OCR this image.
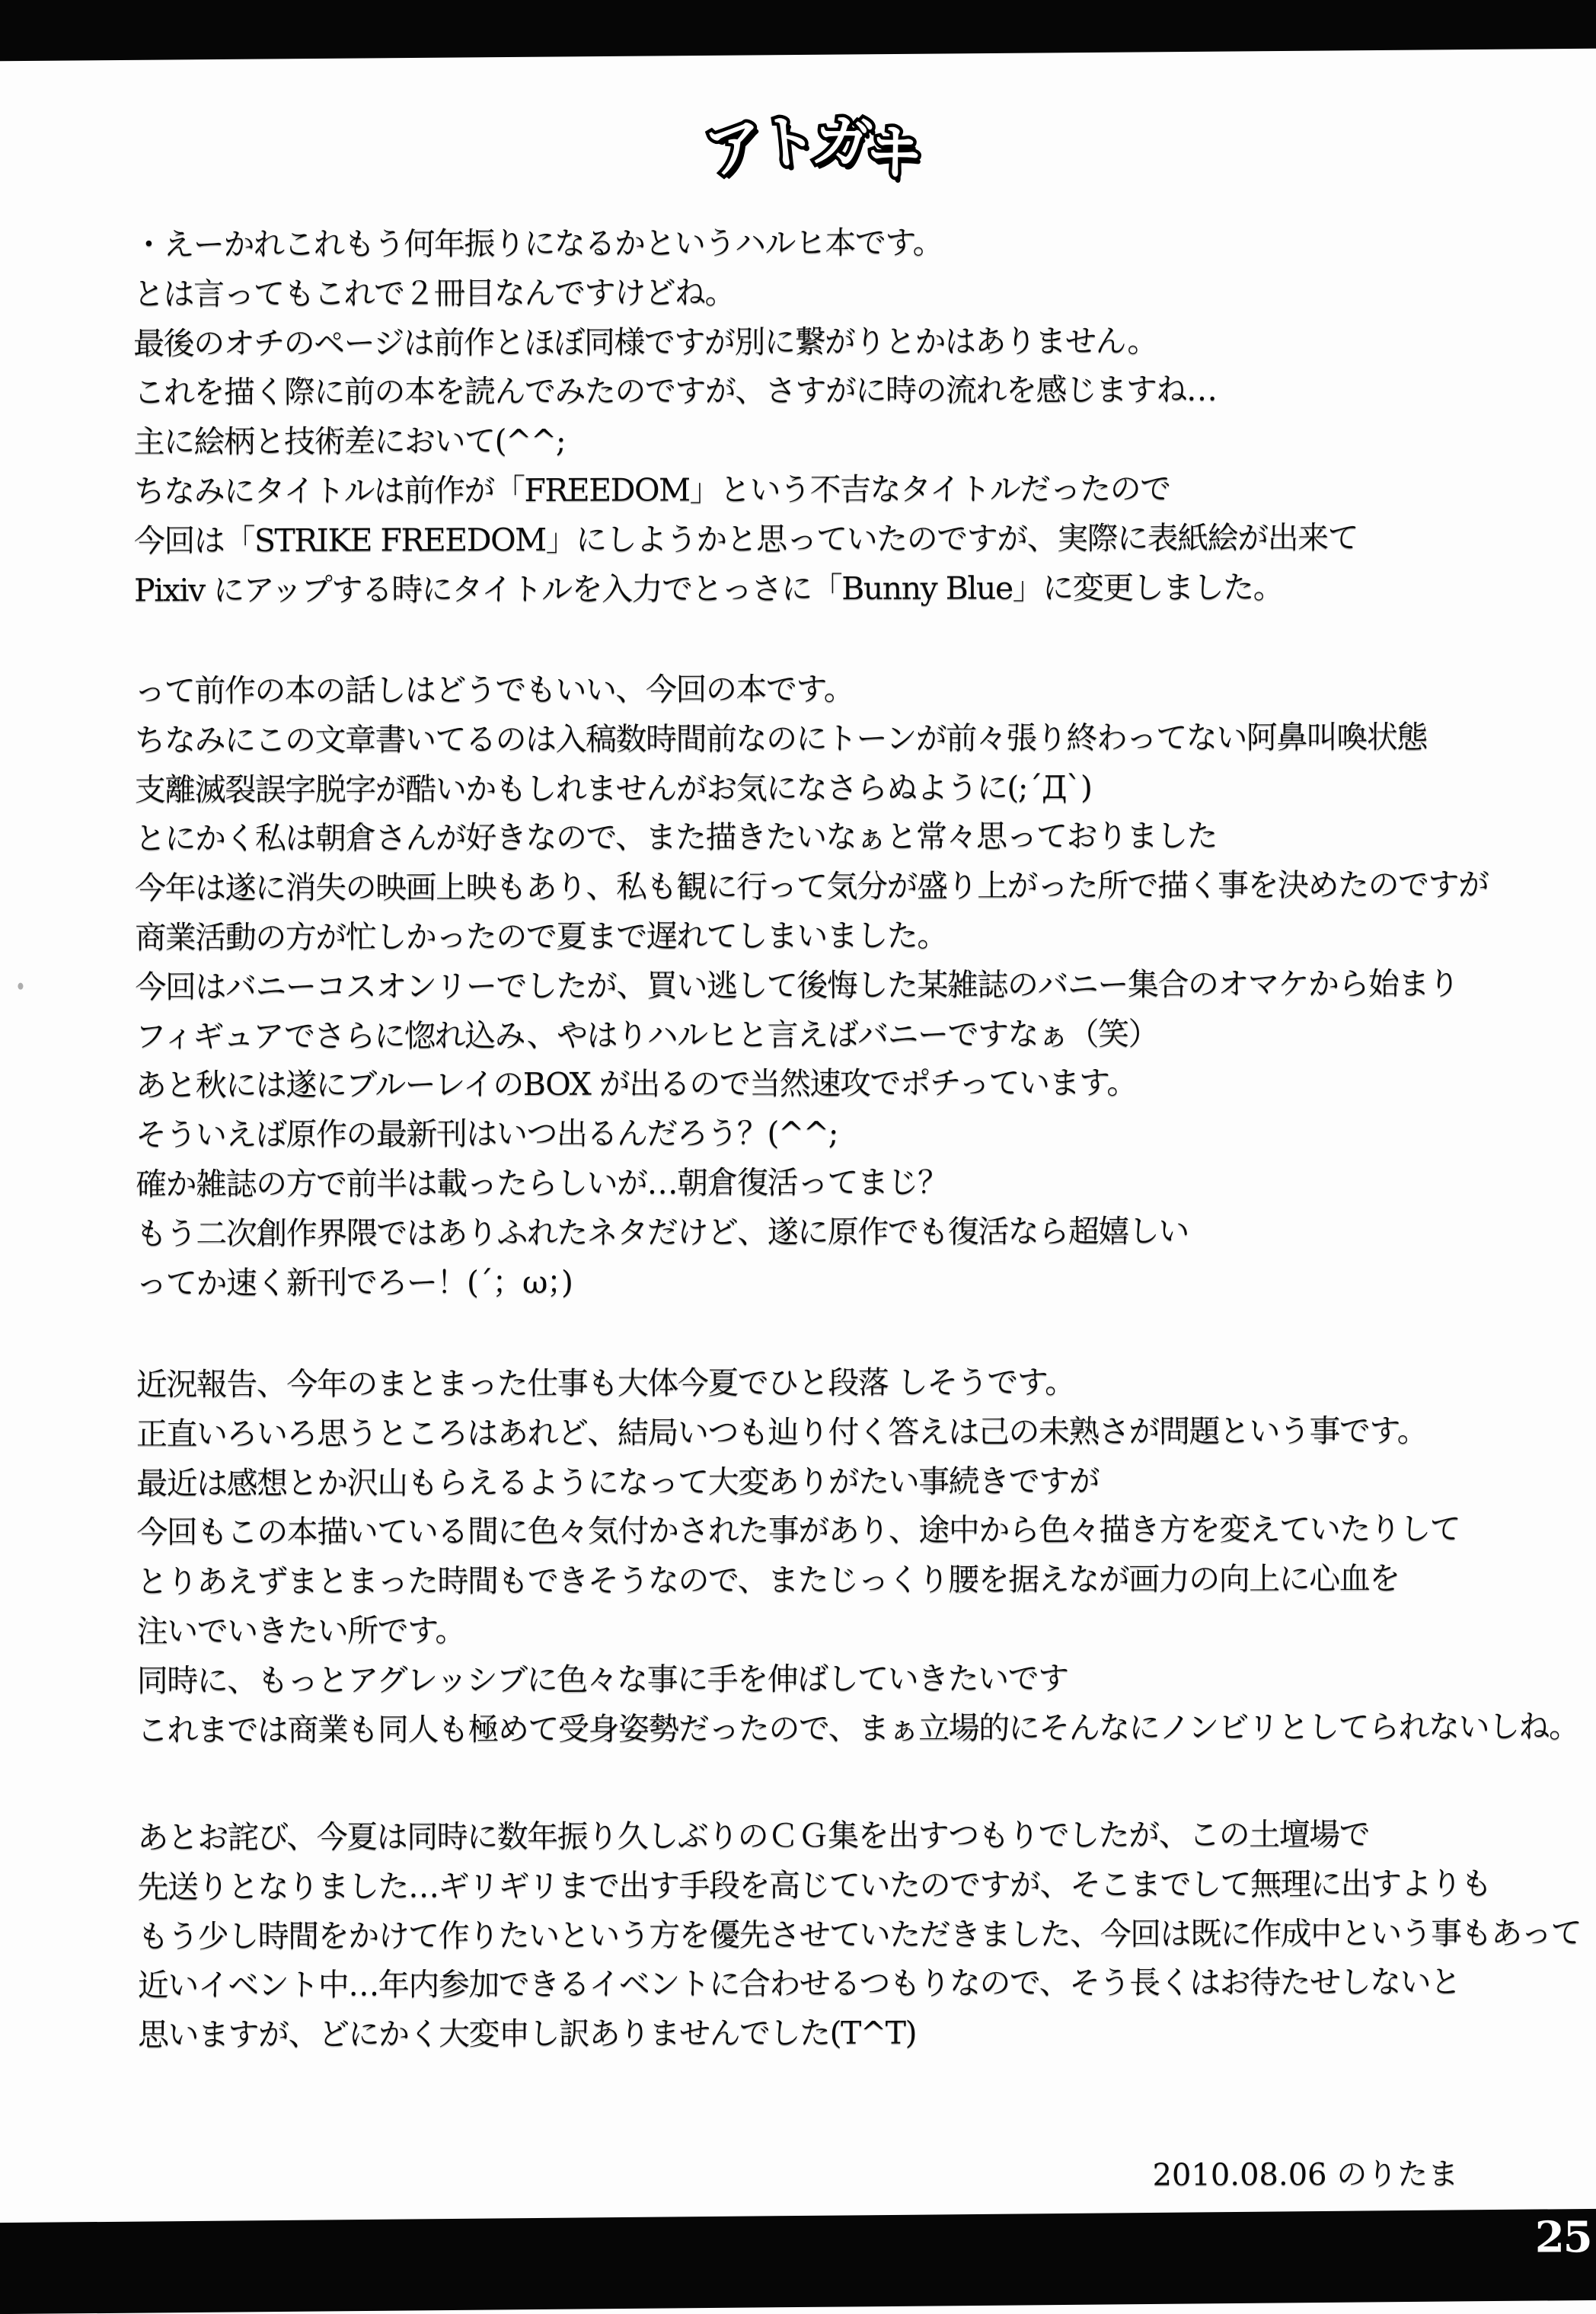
アトガキ
・えーかれこれもう何年振りになるかというハルヒ本です。
とは言ってもこれで２冊目なんですけどね。
最後のオチのページは前作とほぼ同様ですが別に繋がりとかはありません。
これを描く際に前の本を読んでみたのですが、さすがに時の流れを感じますね…
主に絵柄と技術差において(^^;
ちなみにタイトルは前作が「FREEDOM」という不吉なタイトルだったので
今回は「STRIKE FREEDOM」にしようかと思っていたのですが、実際に表紙絵が出来て
Pixiv にアップする時にタイトルを入力でとっさに「Bunny Blue」に変更しました。
って前作の本の話しはどうでもいい、今回の本です。
ちなみにこの文章書いてるのは入稿数時間前なのにトーンが前々張り終わってない阿鼻叫喚状態
支離滅裂誤字脱字が酷いかもしれませんがお気になさらぬように(;´Д`)
とにかく私は朝倉さんが好きなので、また描きたいなぁと常々思っておりました
今年は遂に消失の映画上映もあり、私も観に行って気分が盛り上がった所で描く事を決めたのですが
商業活動の方が忙しかったので夏まで遅れてしまいました。
今回はバニーコスオンリーでしたが、買い逃して後悔した某雑誌のバニー集合のオマケから始まり
フィギュアでさらに惚れ込み、やはりハルヒと言えばバニーですなぁ（笑）
あと秋には遂にブルーレイのBOX が出るので当然速攻でポチっています。
そういえば原作の最新刊はいつ出るんだろう？(^^;
確か雑誌の方で前半は載ったらしいが…朝倉復活ってまじ？
もう二次創作界隈ではありふれたネタだけど、遂に原作でも復活なら超嬉しい
ってか速く新刊でろー！(´；ω；)
近況報告、今年のまとまった仕事も大体今夏でひと段落 しそうです。
正直いろいろ思うところはあれど、結局いつも辿り付く答えは己の未熟さが問題という事です。
最近は感想とか沢山もらえるようになって大変ありがたい事続きですが
今回もこの本描いている間に色々気付かされた事があり、途中から色々描き方を変えていたりして
とりあえずまとまった時間もできそうなので、またじっくり腰を据えなが画力の向上に心血を
注いでいきたい所です。
同時に、もっとアグレッシブに色々な事に手を伸ばしていきたいです
これまでは商業も同人も極めて受身姿勢だったので、まぁ立場的にそんなにノンビリとしてられないしね。
あとお詫び、今夏は同時に数年振り久しぶりのＣＧ集を出すつもりでしたが、この土壇場で
先送りとなりました…ギリギリまで出す手段を高じていたのですが、そこまでして無理に出すよりも
もう少し時間をかけて作りたいという方を優先させていただきました、今回は既に作成中という事もあって
近いイベント中…年内参加できるイベントに合わせるつもりなので、そう長くはお待たせしないと
思いますが、どにかく大変申し訳ありませんでした(T^T)
2010.08.06 のりたま
25
